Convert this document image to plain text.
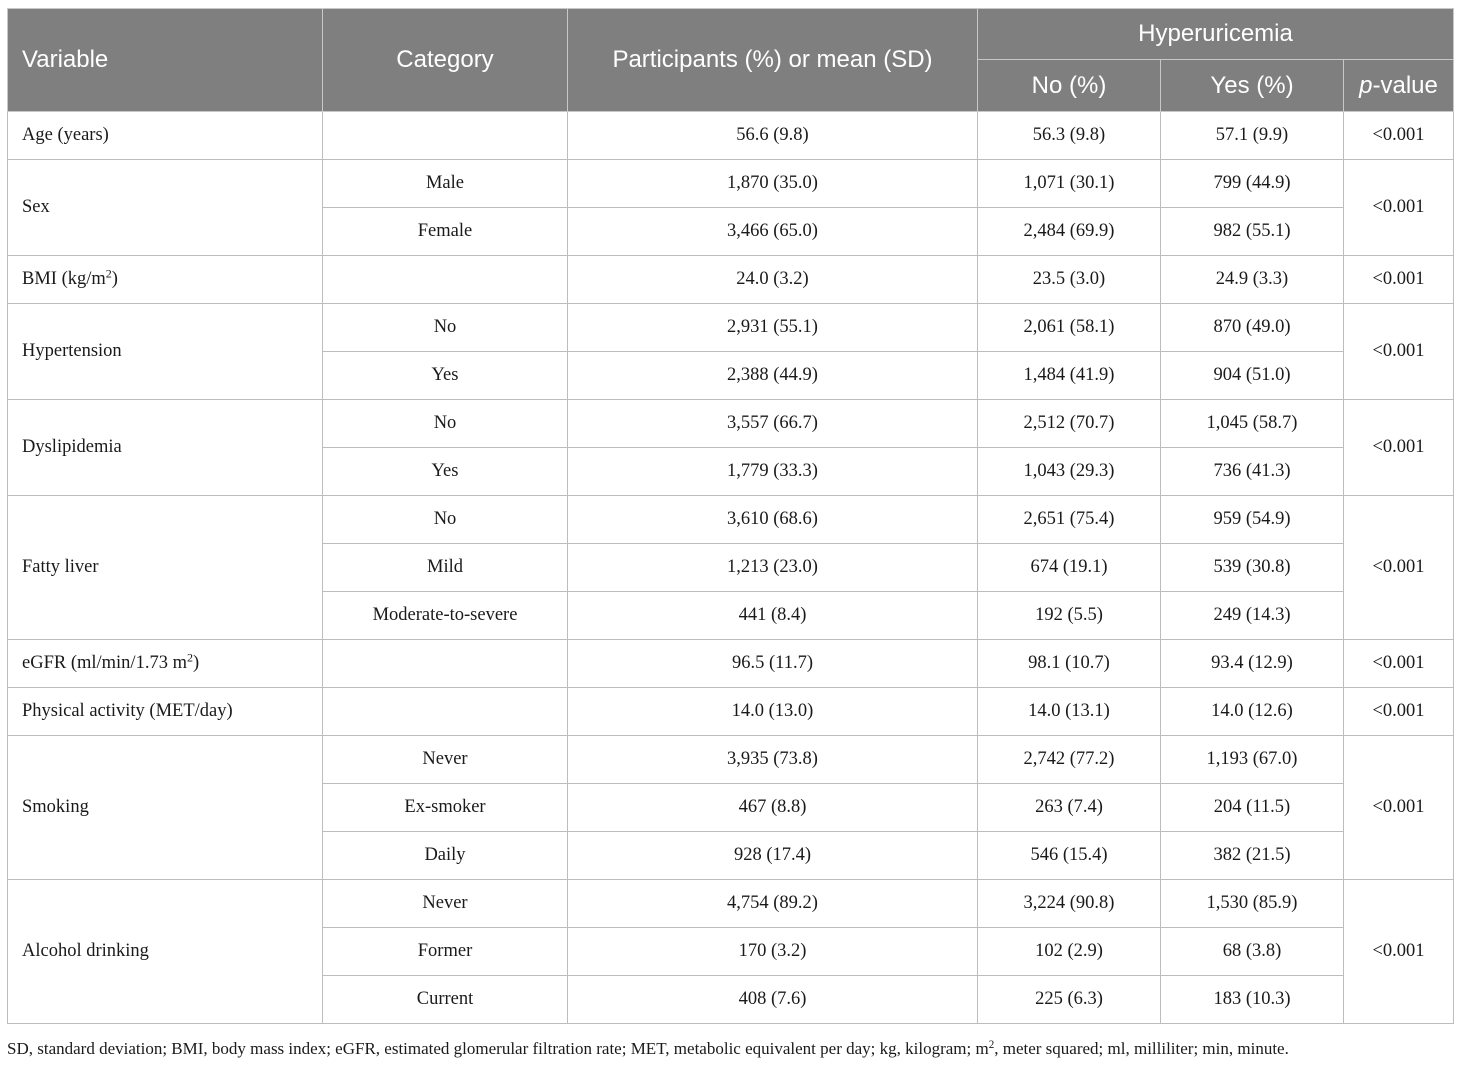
Variable	Category	Participants (%) or mean (SD)	Hyperuricemia		
			No (%)	Yes (%)	p-value
Age (years)		56.6 (9.8)	56.3 (9.8)	57.1 (9.9)	<0.001
Sex	Male	1,870 (35.0)	1,071 (30.1)	799 (44.9)	<0.001
	Female	3,466 (65.0)	2,484 (69.9)	982 (55.1)	
BMI $(kg/m^2)$		24.0 (3.2)	23.5 (3.0)	24.9 (3.3)	<0.001
Hypertension	No	2,931 (55.1)	2,061 (58.1)	870 (49.0)	<0.001
	Yes	2,388 (44.9)	1,484 (41.9)	904 (51.0)	
Dyslipidemia	No	3,557 (66.7)	2,512 (70.7)	1,045 (58.7)	<0.001
	Yes	1,779 (33.3)	1,043 (29.3)	736 (41.3)	
Fatty liver	No	3,610 (68.6)	2,651 (75.4)	959 (54.9)	<0.001
	Mild	1,213 (23.0)	674 (19.1)	539 (30.8)	
	Moderate-to-severe	441 (8.4)	192 (5.5)	249 (14.3)	
eGFR (ml/min/1.73 $m^2$)		96.5 (11.7)	98.1 (10.7)	93.4 (12.9)	<0.001
Physical activity (MET/day)		14.0 (13.0)	14.0 (13.1)	14.0 (12.6)	<0.001
Smoking	Never	3,935 (73.8)	2,742 (77.2)	1,193 (67.0)	<0.001
	Ex-smoker	467 (8.8)	263 (7.4)	204 (11.5)	
	Daily	928 (17.4)	546 (15.4)	382 (21.5)	
Alcohol drinking	Never	4,754 (89.2)	3,224 (90.8)	1,530 (85.9)	<0.001
	Former	170 (3.2)	102 (2.9)	68 (3.8)	
	Current	408 (7.6)	225 (6.3)	183 (10.3)	
SD, standard deviation; BMI, body mass index; eGFR, estimated glomerular filtration rate; MET, metabolic equivalent per day; kg, kilogram; $m^2$, meter squared; ml, milliliter; min, minute.
